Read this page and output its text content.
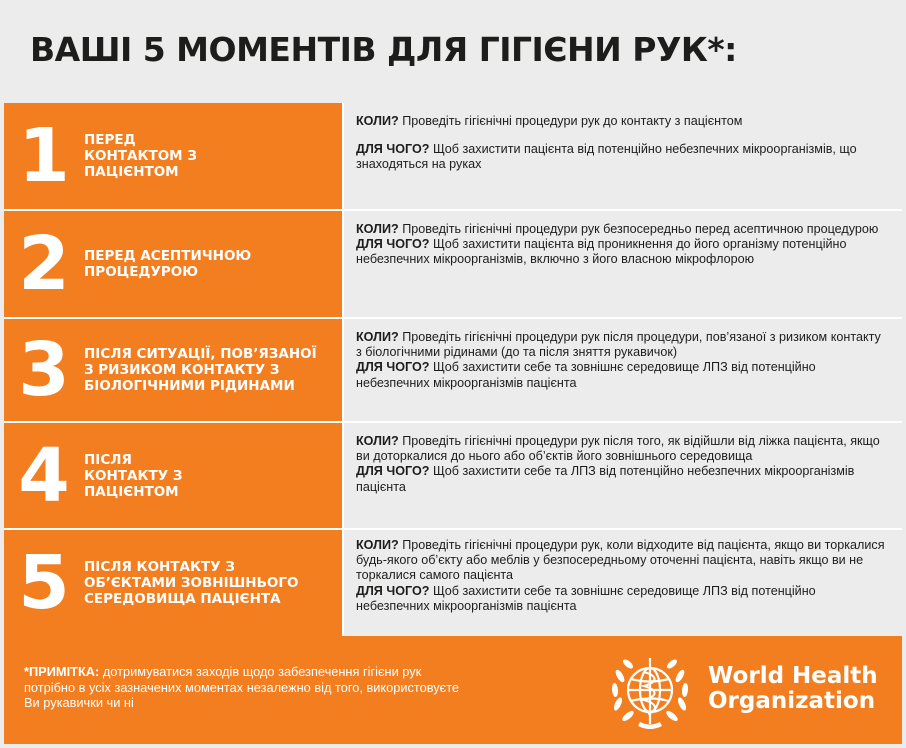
ВАШІ 5 МОМЕНТІВ ДЛЯ ГІГІЄНИ РУК*:
1	ПЕРЕД
КОНТАКТОМ З
ПАЦІЄНТОМ
КОЛИ? Проведіть гігієнічні процедури рук до контакту з пацієнтом
ДЛЯ ЧОГО? Щоб захистити пацієнта від потенційно небезпечних мікроорганізмів, що знаходяться на руках
2	ПЕРЕД АСЕПТИЧНОЮ
ПРОЦЕДУРОЮ
КОЛИ? Проведіть гігієнічні процедури рук безпосередньо перед асептичною процедурою
ДЛЯ ЧОГО? Щоб захистити пацієнта від проникнення до його організму потенційно небезпечних мікроорганізмів, включно з його власною мікрофлорою
3	ПІСЛЯ СИТУАЦІЇ, ПОВ’ЯЗАНОЇ
З РИЗИКОМ КОНТАКТУ З
БІОЛОГІЧНИМИ РІДИНАМИ
КОЛИ? Проведіть гігієнічні процедури рук після процедури, пов’язаної з ризиком контакту з біологічними рідинами (до та після зняття рукавичок)
ДЛЯ ЧОГО? Щоб захистити себе та зовнішнє середовище ЛПЗ від потенційно небезпечних мікроорганізмів пацієнта
4	ПІСЛЯ
КОНТАКТУ З
ПАЦІЄНТОМ
КОЛИ? Проведіть гігієнічні процедури рук після того, як відійшли від ліжка пацієнта, якщо ви доторкалися до нього або об’єктів його зовнішнього середовища
ДЛЯ ЧОГО? Щоб захистити себе та ЛПЗ від потенційно небезпечних мікроорганізмів пацієнта
5	ПІСЛЯ КОНТАКТУ З
ОБ’ЄКТАМИ ЗОВНІШНЬОГО
СЕРЕДОВИЩА ПАЦІЄНТА
КОЛИ? Проведіть гігієнічні процедури рук, коли відходите від пацієнта, якщо ви торкалися будь-якого об’єкту або меблів у безпосередньому оточенні пацієнта, навіть якщо ви не торкалися самого пацієнта
ДЛЯ ЧОГО? Щоб захистити себе та зовнішнє середовище ЛПЗ від потенційно небезпечних мікроорганізмів пацієнта
*ПРИМІТКА: дотримуватися заходів щодо забезпечення гігієни рук потрібно в усіх зазначених моментах незалежно від того, використовуєте Ви рукавички чи ні
World Health
Organization
